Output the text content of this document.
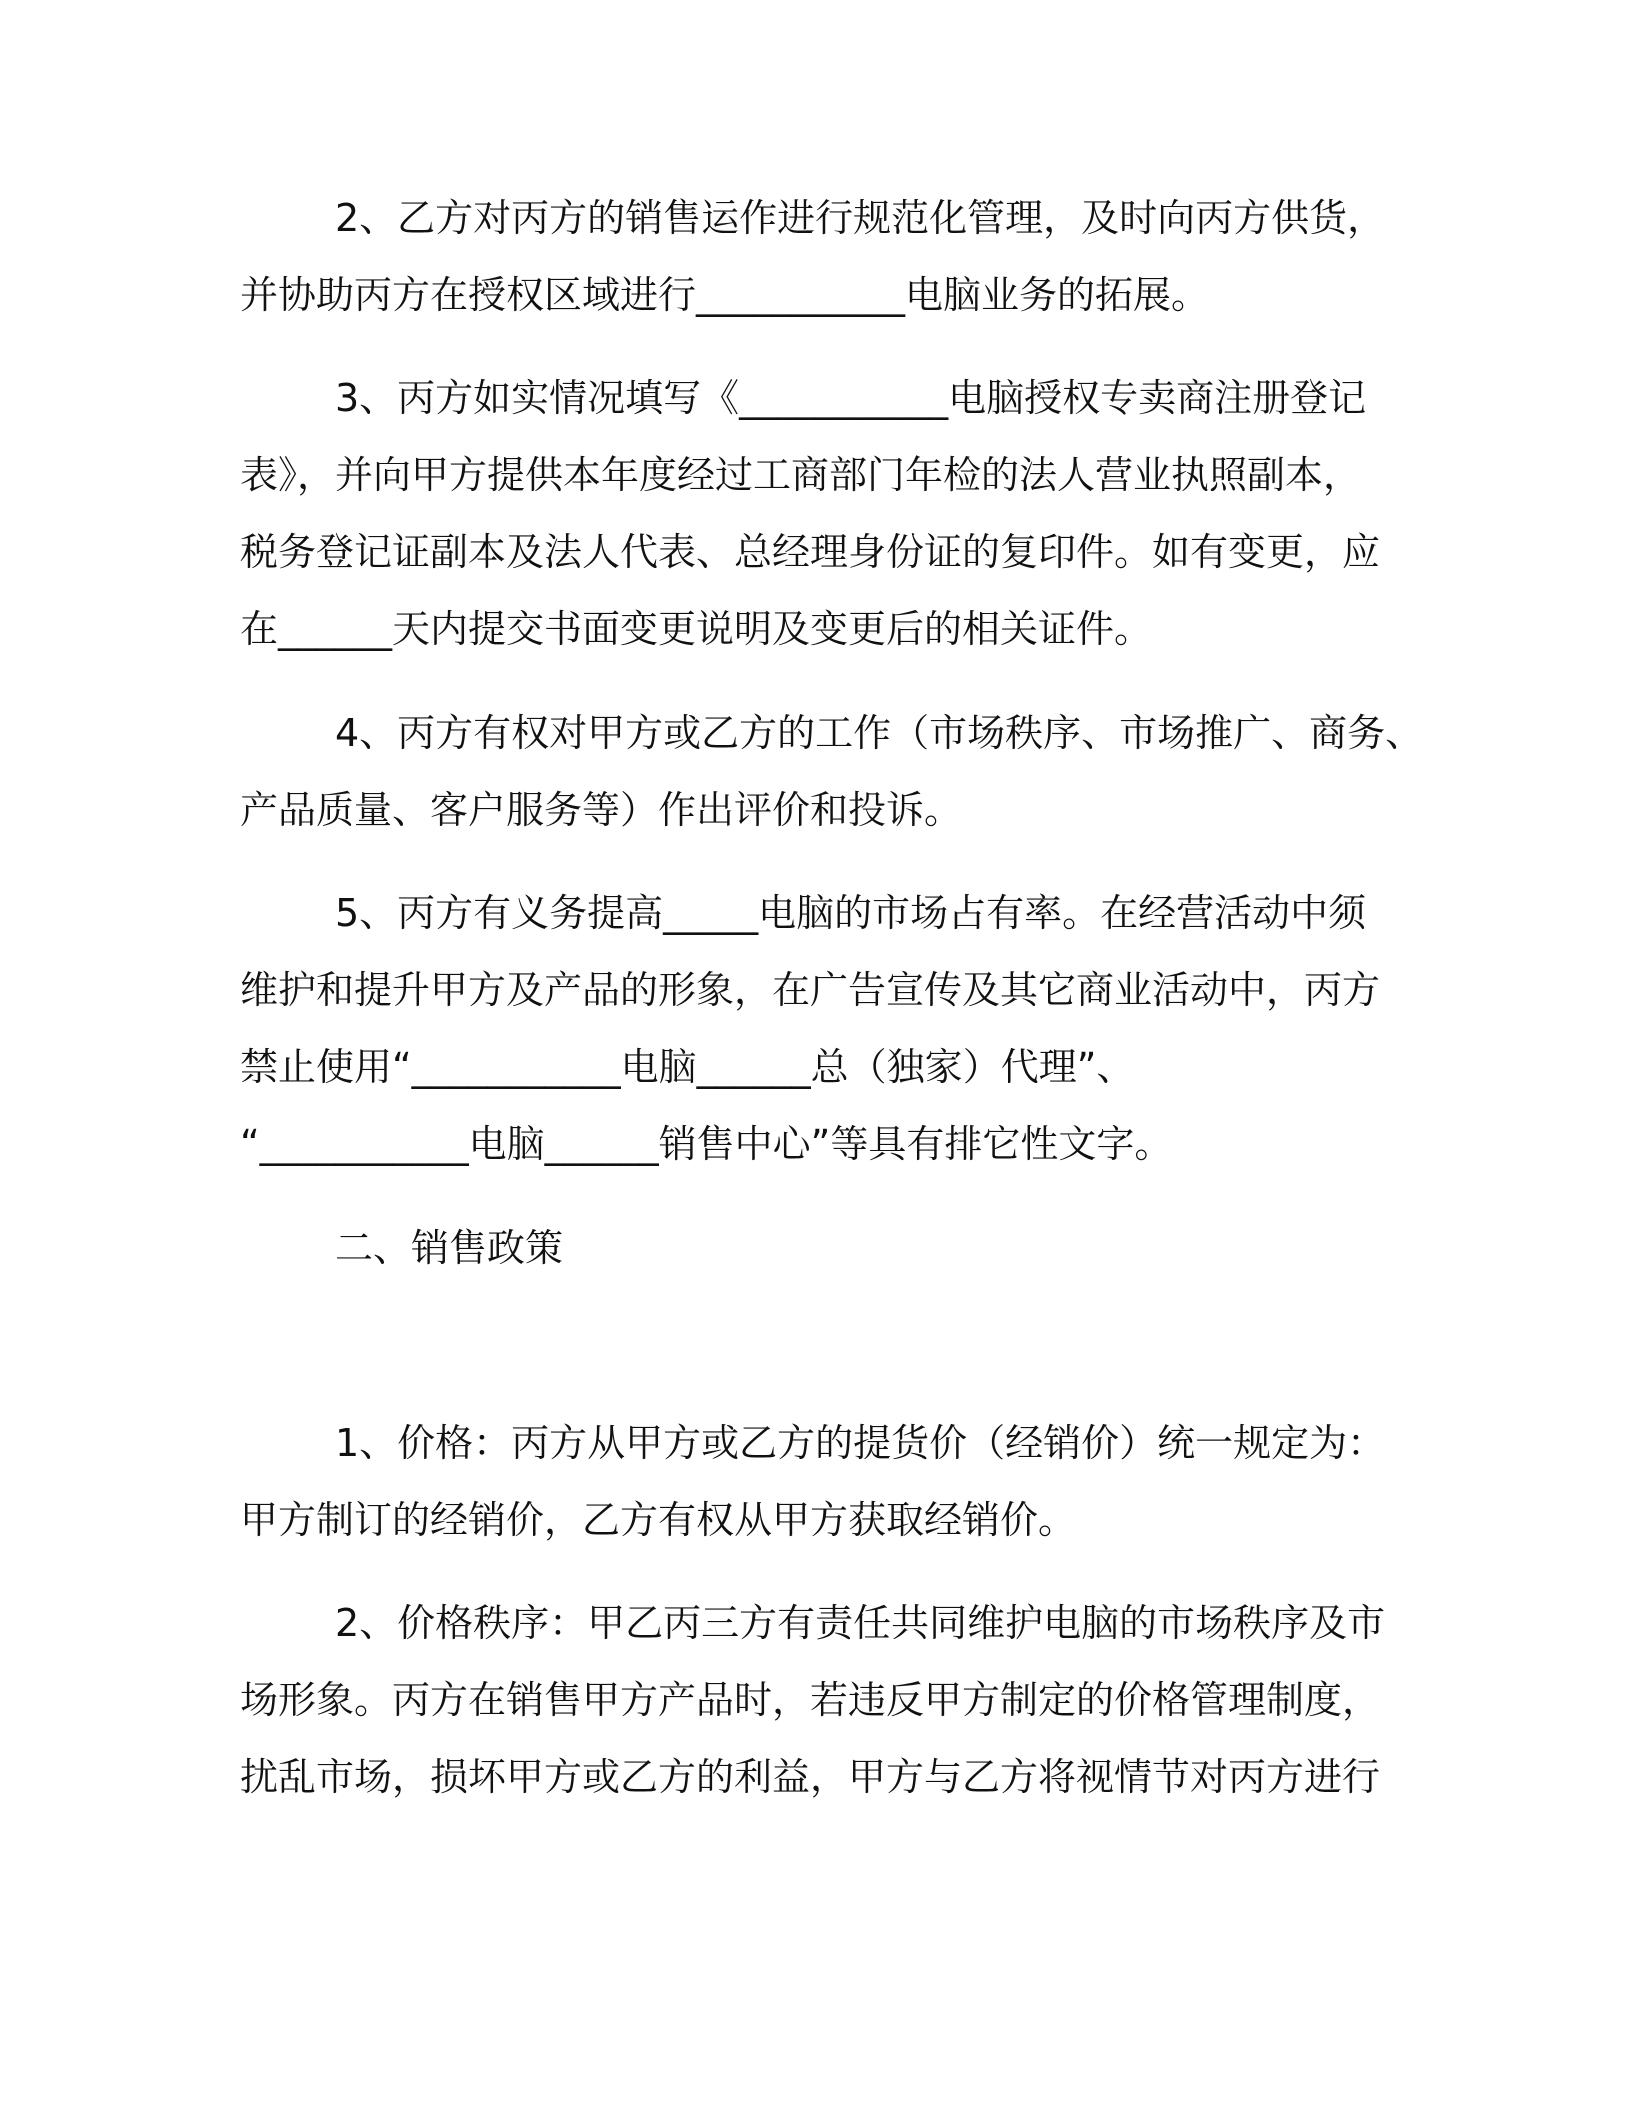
2、乙方对丙方的销售运作进行规范化管理，及时向丙方供货，
并协助丙方在授权区域进行___________电脑业务的拓展。

3、丙方如实情况填写《___________电脑授权专卖商注册登记
表》，并向甲方提供本年度经过工商部门年检的法人营业执照副本，
税务登记证副本及法人代表、总经理身份证的复印件。如有变更，应
在______天内提交书面变更说明及变更后的相关证件。

4、丙方有权对甲方或乙方的工作（市场秩序、市场推广、商务、
产品质量、客户服务等）作出评价和投诉。

5、丙方有义务提高_____电脑的市场占有率。在经营活动中须
维护和提升甲方及产品的形象，在广告宣传及其它商业活动中，丙方
禁止使用“___________电脑______总（独家）代理”、
“___________电脑______销售中心”等具有排它性文字。

二、销售政策

1、价格：丙方从甲方或乙方的提货价（经销价）统一规定为：
甲方制订的经销价，乙方有权从甲方获取经销价。

2、价格秩序：甲乙丙三方有责任共同维护电脑的市场秩序及市
场形象。丙方在销售甲方产品时，若违反甲方制定的价格管理制度，
扰乱市场，损坏甲方或乙方的利益，甲方与乙方将视情节对丙方进行
